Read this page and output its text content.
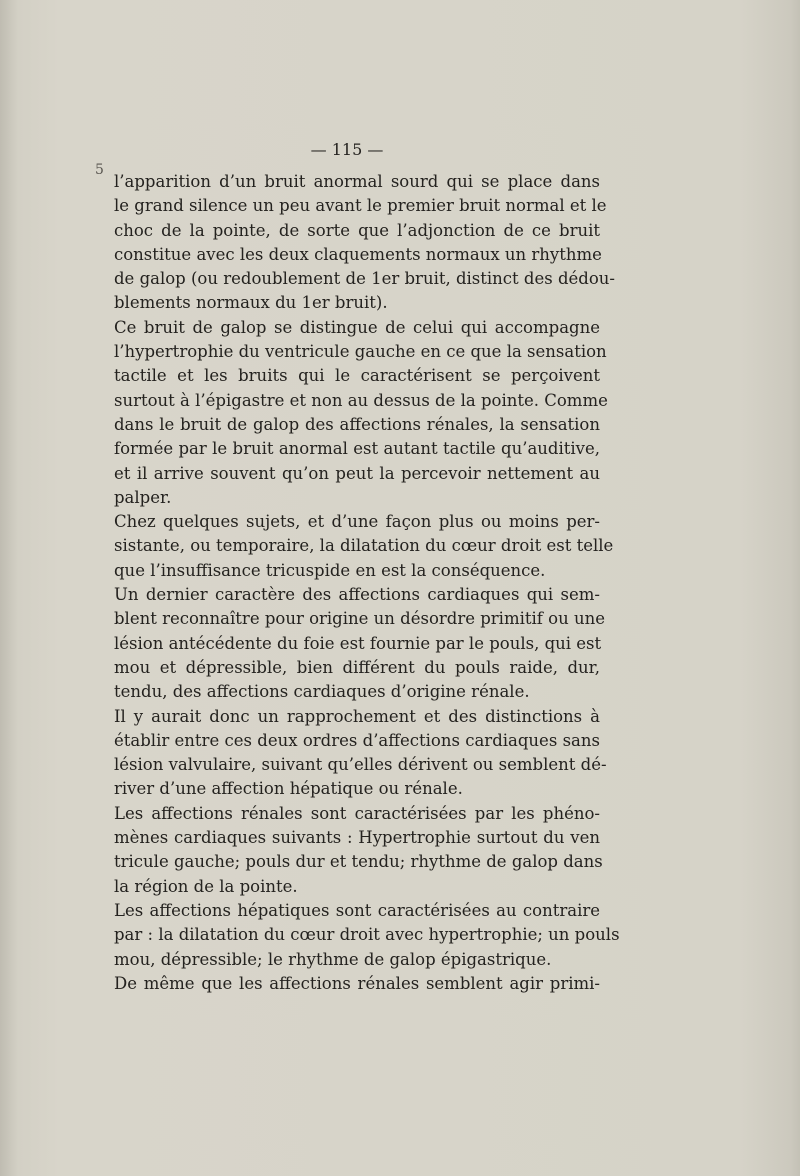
5
— 115 —
l’apparition d’un bruit anormal sourd qui se place dans
le grand silence un peu avant le premier bruit normal et le
choc de la pointe, de sorte que l’adjonction de ce bruit
constitue avec les deux claquements normaux un rhythme
de galop (ou redoublement de 1er bruit, distinct des dédou-
blements normaux du 1er bruit).
Ce bruit de galop se distingue de celui qui accompagne
l’hypertrophie du ventricule gauche en ce que la sensation
tactile et les bruits qui le caractérisent se perçoivent
surtout à l’épigastre et non au dessus de la pointe. Comme
dans le bruit de galop des affections rénales, la sensation
formée par le bruit anormal est autant tactile qu’auditive,
et il arrive souvent qu’on peut la percevoir nettement au
palper.
Chez quelques sujets, et d’une façon plus ou moins per-
sistante, ou temporaire, la dilatation du cœur droit est telle
que l’insuffisance tricuspide en est la conséquence.
Un dernier caractère des affections cardiaques qui sem-
blent reconnaître pour origine un désordre primitif ou une
lésion antécédente du foie est fournie par le pouls, qui est
mou et dépressible, bien différent du pouls raide, dur,
tendu, des affections cardiaques d’origine rénale.
Il y aurait donc un rapprochement et des distinctions à
établir entre ces deux ordres d’affections cardiaques sans
lésion valvulaire, suivant qu’elles dérivent ou semblent dé-
river d’une affection hépatique ou rénale.
Les affections rénales sont caractérisées par les phéno-
mènes cardiaques suivants : Hypertrophie surtout du ven
tricule gauche; pouls dur et tendu; rhythme de galop dans
la région de la pointe.
Les affections hépatiques sont caractérisées au contraire
par : la dilatation du cœur droit avec hypertrophie; un pouls
mou, dépressible; le rhythme de galop épigastrique.
De même que les affections rénales semblent agir primi-
